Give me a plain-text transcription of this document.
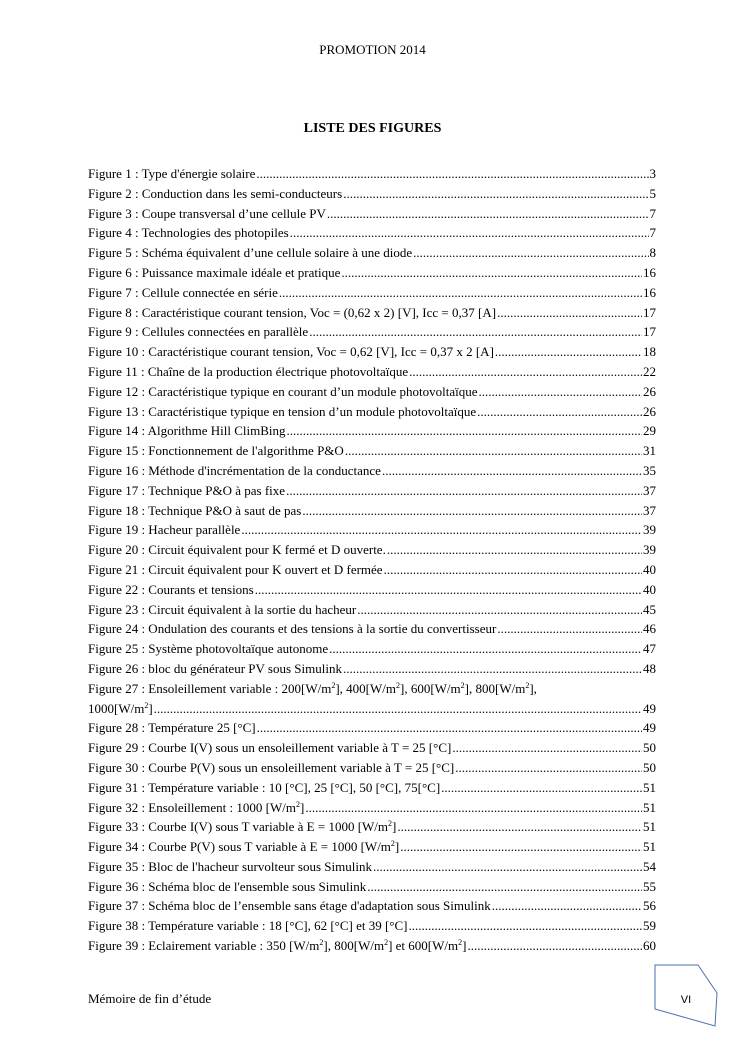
PROMOTION 2014
LISTE DES FIGURES
Figure 1 : Type d'énergie solaire .....	3
Figure 2 : Conduction dans les semi-conducteurs .....	5
Figure 3 : Coupe transversal d’une cellule PV .....	7
Figure 4 : Technologies des photopiles .....	7
Figure 5 : Schéma équivalent d’une cellule solaire à une diode .....	8
Figure 6 : Puissance maximale idéale et pratique .....	16
Figure 7 : Cellule connectée en série .....	16
Figure 8 : Caractéristique courant tension, Voc = (0,62 x 2) [V], Icc = 0,37 [A] .....	17
Figure 9 : Cellules connectées en parallèle .....	17
Figure 10 : Caractéristique courant tension, Voc = 0,62 [V], Icc = 0,37 x 2 [A] .....	18
Figure 11 : Chaîne de la production électrique photovoltaïque .....	22
Figure 12 : Caractéristique typique en courant d’un module photovoltaïque .....	26
Figure 13 : Caractéristique typique en tension d’un module photovoltaïque .....	26
Figure 14 : Algorithme Hill ClimBing .....	29
Figure 15 : Fonctionnement de l'algorithme P&O .....	31
Figure 16 : Méthode d'incrémentation de la conductance .....	35
Figure 17 : Technique P&O à pas fixe .....	37
Figure 18 : Technique P&O à saut de pas .....	37
Figure 19 : Hacheur parallèle .....	39
Figure 20 : Circuit équivalent pour K fermé et D ouverte. .....	39
Figure 21 : Circuit équivalent pour K ouvert et D fermée .....	40
Figure 22 : Courants et tensions .....	40
Figure 23 : Circuit équivalent à la sortie du hacheur .....	45
Figure 24 : Ondulation des courants et des tensions à la sortie du convertisseur .....	46
Figure 25 : Système photovoltaïque autonome .....	47
Figure 26 : bloc du générateur PV sous Simulink .....	48
Figure 27 : Ensoleillement variable : $200[W/m^2]$, $400[W/m^2]$, $600[W/m^2]$, $800[W/m^2]$,
$1000[W/m^2]$ .....	49
Figure 28 : Température 25 [°C] .....	49
Figure 29 : Courbe I(V) sous un ensoleillement variable à T = 25 [°C] .....	50
Figure 30 : Courbe P(V) sous un ensoleillement variable à T = 25 [°C] .....	50
Figure 31 : Température variable : 10 [°C], 25 [°C], 50 [°C], 75[°C] .....	51
Figure 32 : Ensoleillement : 1000 $[W/m^2]$ .....	51
Figure 33 : Courbe I(V) sous T variable à E = 1000 $[W/m^2]$ .....	51
Figure 34 : Courbe P(V) sous T variable à E = 1000 $[W/m^2]$ .....	51
Figure 35 : Bloc de l'hacheur survolteur sous Simulink .....	54
Figure 36 : Schéma bloc de l'ensemble sous Simulink .....	55
Figure 37 : Schéma bloc de l’ensemble sans étage d'adaptation sous Simulink .....	56
Figure 38 : Température variable : 18 [°C], 62 [°C] et 39 [°C] .....	59
Figure 39 : Eclairement variable : 350 $[W/m^2]$, $800[W/m^2]$ et $600[W/m^2]$ .....	60
Mémoire de fin d’étude	VI
